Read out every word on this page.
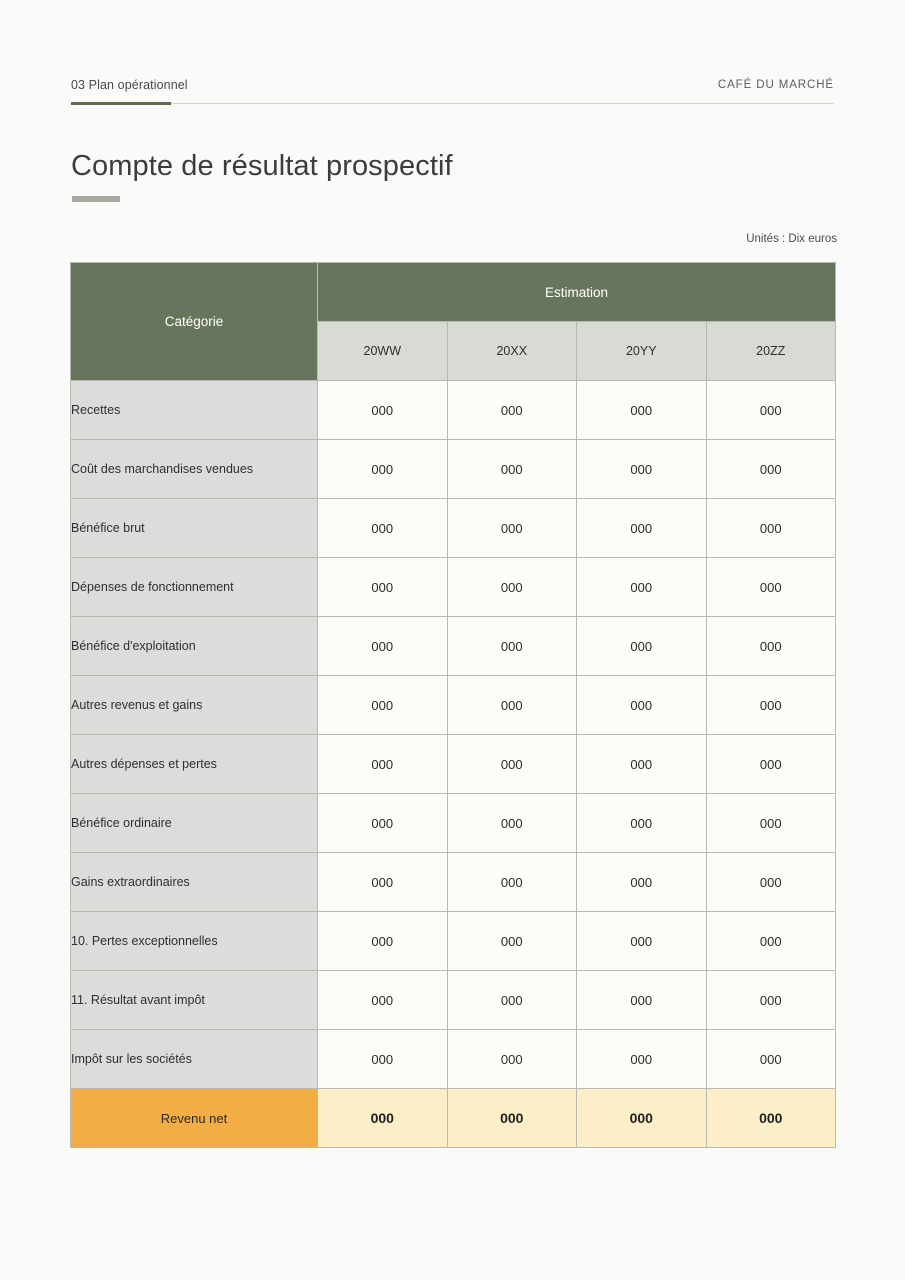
03 Plan opérationnel	CAFÉ DU MARCHÉ
Compte de résultat prospectif
Unités : Dix euros
Catégorie	Estimation			
	20WW	20XX	20YY	20ZZ
Recettes	000	000	000	000
Coût des marchandises vendues	000	000	000	000
Bénéfice brut	000	000	000	000
Dépenses de fonctionnement	000	000	000	000
Bénéfice d'exploitation	000	000	000	000
Autres revenus et gains	000	000	000	000
Autres dépenses et pertes	000	000	000	000
Bénéfice ordinaire	000	000	000	000
Gains extraordinaires	000	000	000	000
10. Pertes exceptionnelles	000	000	000	000
11. Résultat avant impôt	000	000	000	000
Impôt sur les sociétés	000	000	000	000
Revenu net	000	000	000	000
